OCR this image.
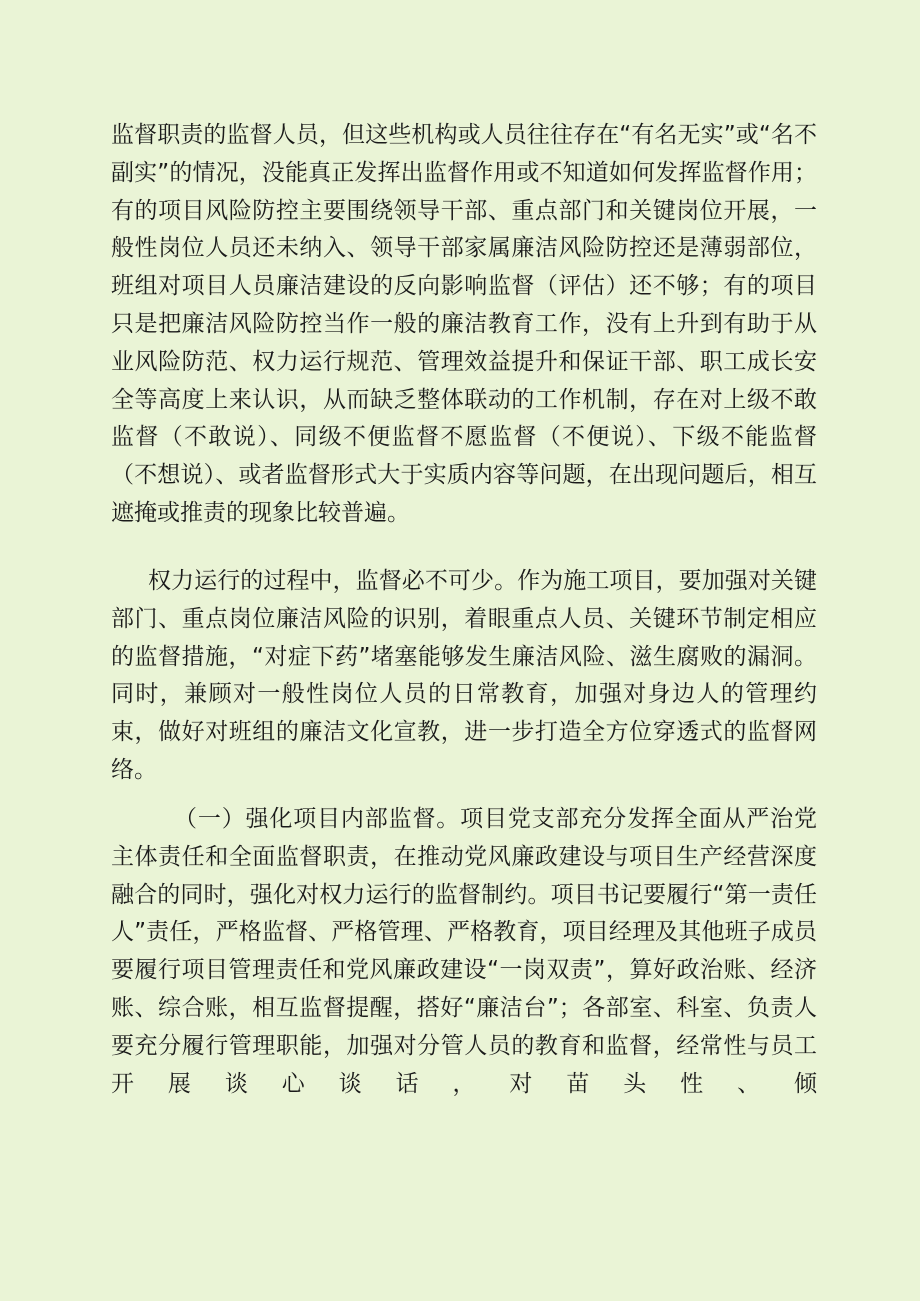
监督职责的监督人员，但这些机构或人员往往存在“有名无实”或“名不副实”的情况，没能真正发挥出监督作用或不知道如何发挥监督作用；有的项目风险防控主要围绕领导干部、重点部门和关键岗位开展，一般性岗位人员还未纳入、领导干部家属廉洁风险防控还是薄弱部位，班组对项目人员廉洁建设的反向影响监督（评估）还不够；有的项目只是把廉洁风险防控当作一般的廉洁教育工作，没有上升到有助于从业风险防范、权力运行规范、管理效益提升和保证干部、职工成长安全等高度上来认识，从而缺乏整体联动的工作机制，存在对上级不敢监督（不敢说）、同级不便监督不愿监督（不便说）、下级不能监督（不想说）、或者监督形式大于实质内容等问题，在出现问题后，相互遮掩或推责的现象比较普遍。

权力运行的过程中，监督必不可少。作为施工项目，要加强对关键部门、重点岗位廉洁风险的识别，着眼重点人员、关键环节制定相应的监督措施，“对症下药”堵塞能够发生廉洁风险、滋生腐败的漏洞。同时，兼顾对一般性岗位人员的日常教育，加强对身边人的管理约束，做好对班组的廉洁文化宣教，进一步打造全方位穿透式的监督网络。

（一）强化项目内部监督。项目党支部充分发挥全面从严治党主体责任和全面监督职责，在推动党风廉政建设与项目生产经营深度融合的同时，强化对权力运行的监督制约。项目书记要履行“第一责任人”责任，严格监督、严格管理、严格教育，项目经理及其他班子成员要履行项目管理责任和党风廉政建设“一岗双责”，算好政治账、经济账、综合账，相互监督提醒，搭好“廉洁台”；各部室、科室、负责人要充分履行管理职能，加强对分管人员的教育和监督，经常性与员工开展谈心谈话，对苗头性、倾
